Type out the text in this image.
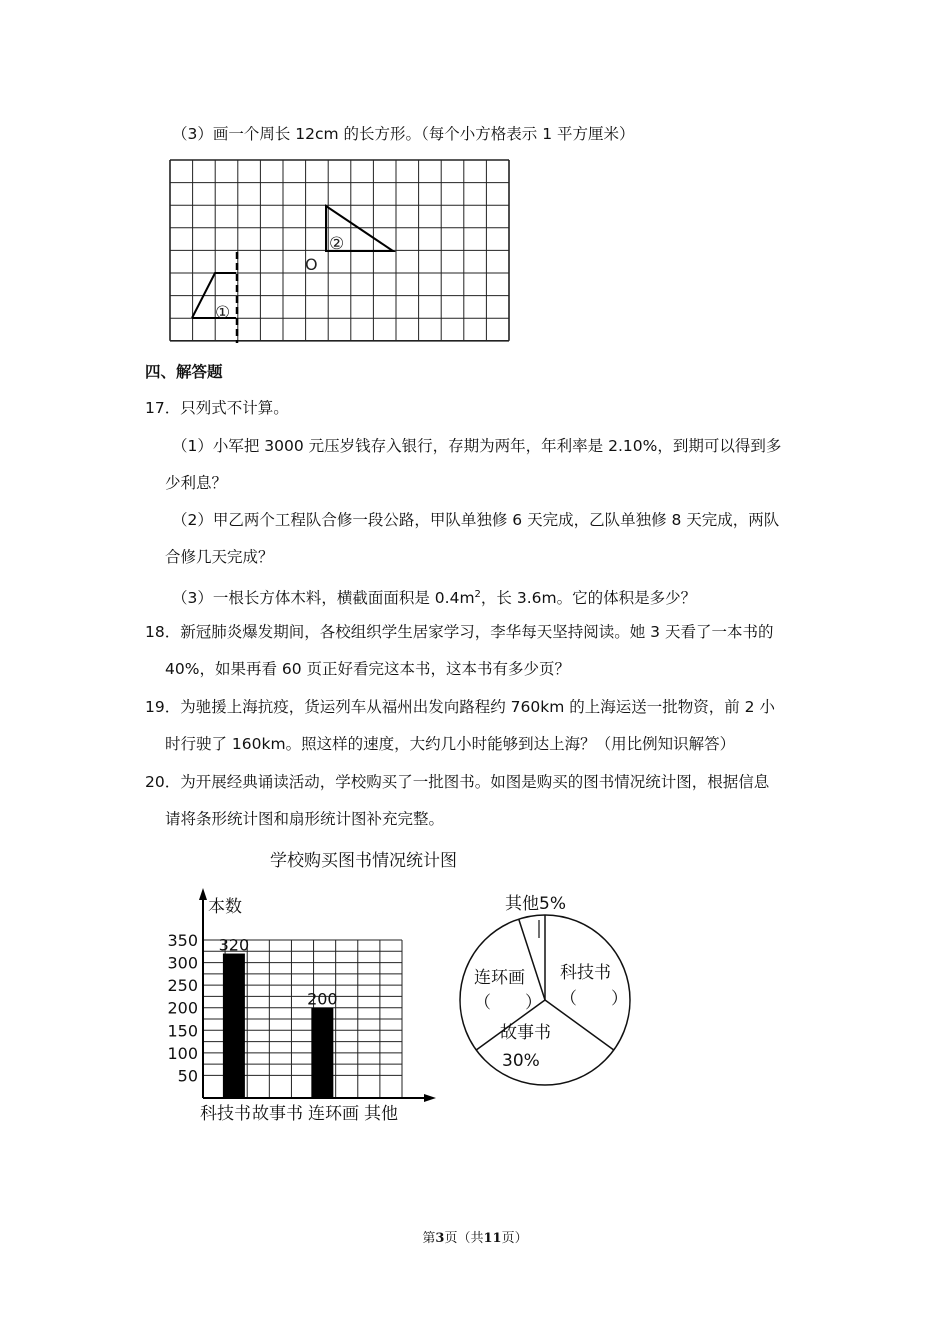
（3）画一个周长 12cm 的长方形。（每个小方格表示 1 平方厘米）
①
②
O
四、解答题
17．只列式不计算。
（1）小军把 3000 元压岁钱存入银行，存期为两年，年利率是 2.10%，到期可以得到多
少利息？
（2）甲乙两个工程队合修一段公路，甲队单独修 6 天完成，乙队单独修 8 天完成，两队
合修几天完成？
（3）一根长方体木料，横截面面积是 $0.4m^2$，长 3.6m。它的体积是多少？
18．新冠肺炎爆发期间，各校组织学生居家学习，李华每天坚持阅读。她 3 天看了一本书的
40%，如果再看 60 页正好看完这本书，这本书有多少页？
19．为驰援上海抗疫，货运列车从福州出发向路程约 760km 的上海运送一批物资，前 2 小
时行驶了 160km。照这样的速度，大约几小时能够到达上海？（用比例知识解答）
20．为开展经典诵读活动，学校购买了一批图书。如图是购买的图书情况统计图，根据信息
请将条形统计图和扇形统计图补充完整。
学校购买图书情况统计图
本数
50
100
150
200
250
300
350 320
200
科技书 故事书 连环画 其他
其他5%
科技书
（　　）
故事书
30%
连环画
（　　）
第3页（共11页）
